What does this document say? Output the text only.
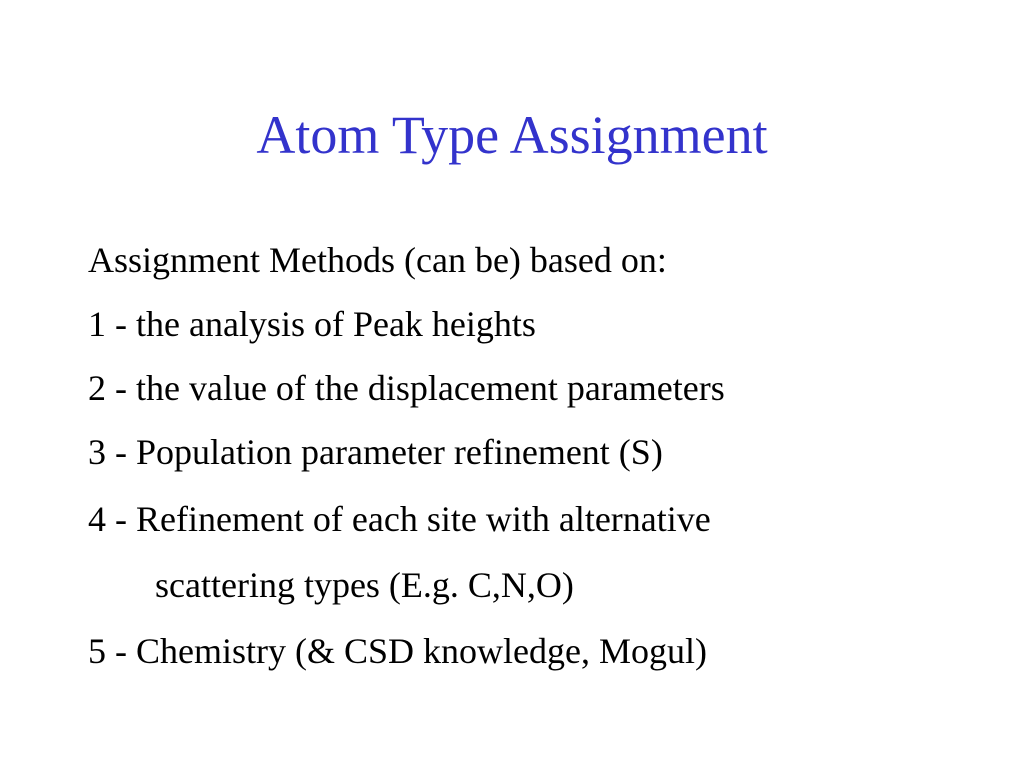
Atom Type Assignment
Assignment Methods (can be) based on:
1 - the analysis of Peak heights
2 - the value of the displacement parameters
3 - Population parameter refinement (S)
4 - Refinement of each site with alternative
scattering types (E.g. C,N,O)
5 - Chemistry (& CSD knowledge, Mogul)
